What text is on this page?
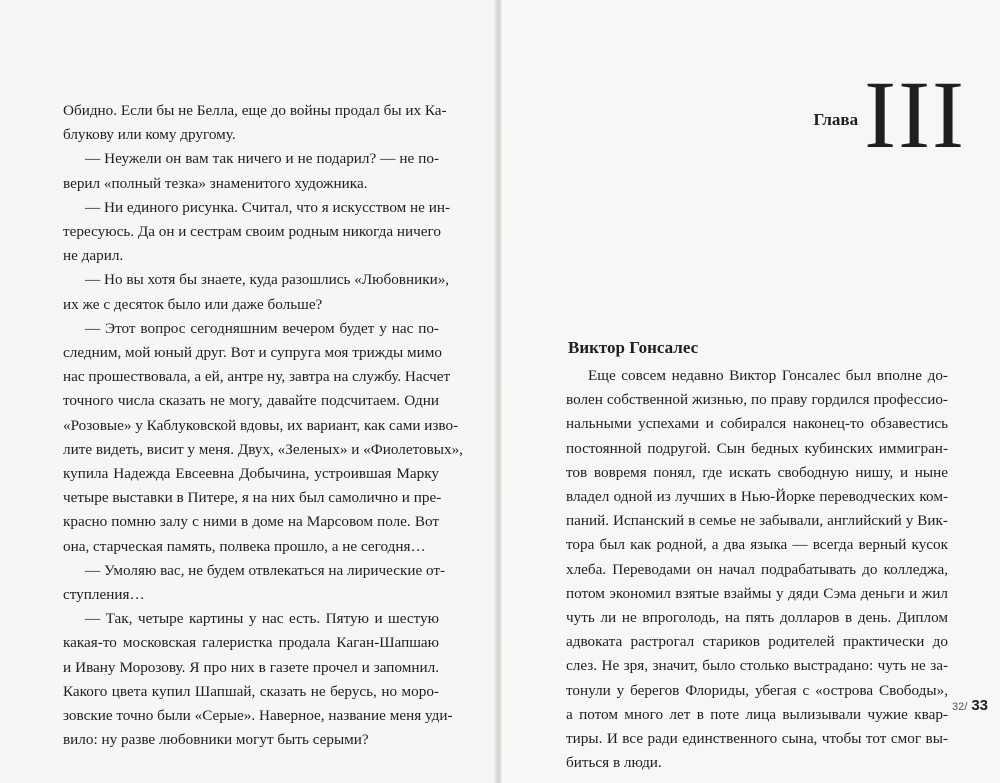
Обидно. Если бы не Белла, еще до войны продал бы их Ка-
блукову или кому другому.
— Неужели он вам так ничего и не подарил? — не по-
верил «полный тезка» знаменитого художника.
— Ни единого рисунка. Считал, что я искусством не ин-
тересуюсь. Да он и сестрам своим родным никогда ничего
не дарил.
— Но вы хотя бы знаете, куда разошлись «Любовники»,
их же с десяток было или даже больше?
— Этот вопрос сегодняшним вечером будет у нас по-
следним, мой юный друг. Вот и супруга моя трижды мимо
нас прошествовала, а ей, антре ну, завтра на службу. Насчет
точного числа сказать не могу, давайте подсчитаем. Одни
«Розовые» у Каблуковской вдовы, их вариант, как сами изво-
лите видеть, висит у меня. Двух, «Зеленых» и «Фиолетовых»,
купила Надежда Евсеевна Добычина, устроившая Марку
четыре выставки в Питере, я на них был самолично и пре-
красно помню залу с ними в доме на Марсовом поле. Вот
она, старческая память, полвека прошло, а не сегодня…
— Умоляю вас, не будем отвлекаться на лирические от-
ступления…
— Так, четыре картины у нас есть. Пятую и шестую
какая-то московская галеристка продала Каган-Шапшаю
и Ивану Морозову. Я про них в газете прочел и запомнил.
Какого цвета купил Шапшай, сказать не берусь, но моро-
зовские точно были «Серые». Наверное, название меня уди-
вило: ну разве любовники могут быть серыми?
Глава III
Виктор Гонсалес
Еще совсем недавно Виктор Гонсалес был вполне до-
волен собственной жизнью, по праву гордился профессио-
нальными успехами и собирался наконец-то обзавестись
постоянной подругой. Сын бедных кубинских иммигран-
тов вовремя понял, где искать свободную нишу, и ныне
владел одной из лучших в Нью-Йорке переводческих ком-
паний. Испанский в семье не забывали, английский у Вик-
тора был как родной, а два языка — всегда верный кусок
хлеба. Переводами он начал подрабатывать до колледжа,
потом экономил взятые взаймы у дяди Сэма деньги и жил
чуть ли не впроголодь, на пять долларов в день. Диплом
адвоката растрогал стариков родителей практически до
слез. Не зря, значит, было столько выстрадано: чуть не за-
тонули у берегов Флориды, убегая с «острова Свободы»,
а потом много лет в поте лица вылизывали чужие квар-
тиры. И все ради единственного сына, чтобы тот смог вы-
биться в люди.
32/ 33
